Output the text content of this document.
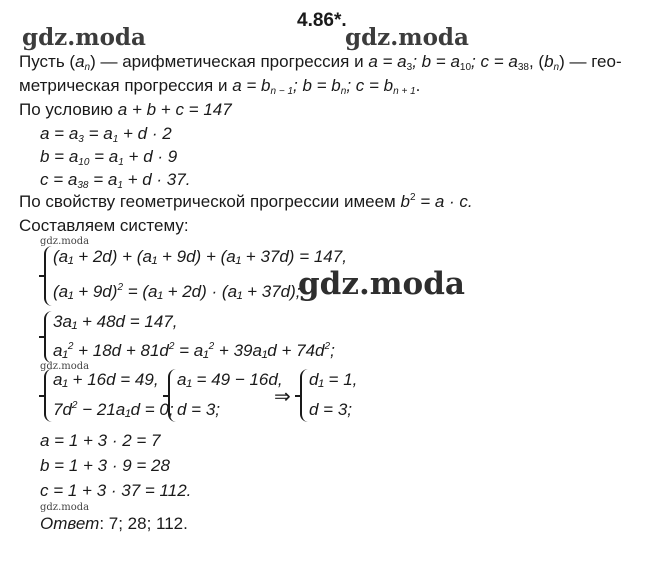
4.86*.
gdz.moda	gdz.moda
gdz.moda
Пусть $(a_n)$ — арифметическая прогрессия и $a = a_3$; $b = a_{10}$; $c = a_{38}$, $(b_n)$ — гео-
метрическая прогрессия и $a = b_{n - 1}$; $b = b_n$; $c = b_{n + 1}$.
По условию a + b + c = 147
$a = a_3 = a_1 + d \cdot 2$
$b = a_{10} = a_1 + d \cdot 9$
$c = a_{38} = a_1 + d \cdot 37$.
По свойству геометрической прогрессии имеем $b^2 = a \cdot c$.
Составляем систему:
gdz.moda
(a₁ + 2d) + (a₁ + 9d) + (a₁ + 37d) = 147,
$(a_1 + 9d)^2 = (a_1 + 2d) \cdot (a_1 + 37d)$;
3a₁ + 48d = 147,
$a_1^2 + 18d + 81d^2 = a_1^2 + 39a_1d + 74d^2$;
gdz.moda
a₁ + 16d = 49,
$7d^2 - 21a_1d = 0$;
a₁ = 49 − 16d,
d = 3;
⇒
d₁ = 1,
d = 3;
a = 1 + 3 · 2 = 7
b = 1 + 3 · 9 = 28
c = 1 + 3 · 37 = 112.
gdz.moda
Ответ: 7; 28; 112.
